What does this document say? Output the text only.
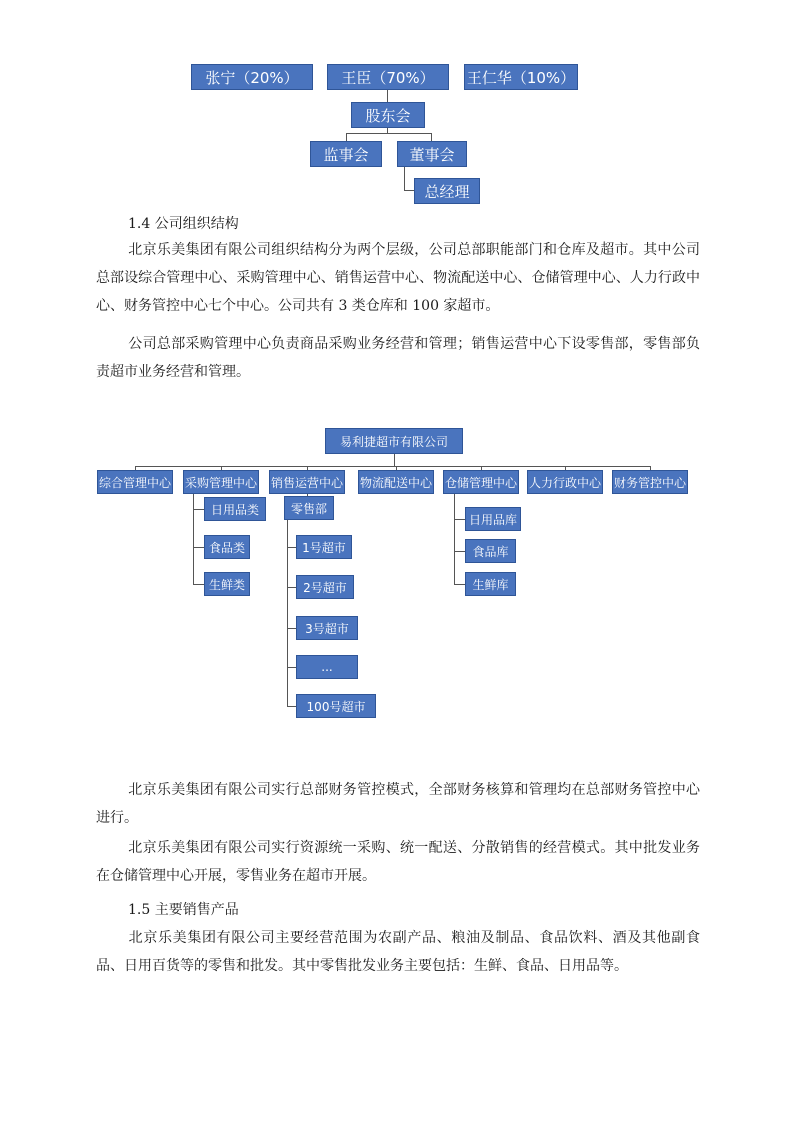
张宁（20%）	王臣（70%）	王仁华（10%）
股东会
监事会	董事会
总经理

1.4 公司组织结构

北京乐美集团有限公司组织结构分为两个层级，公司总部职能部门和仓库及超市。其中公司总部设综合管理中心、采购管理中心、销售运营中心、物流配送中心、仓储管理中心、人力行政中心、财务管控中心七个中心。公司共有 3 类仓库和 100 家超市。

公司总部采购管理中心负责商品采购业务经营和管理；销售运营中心下设零售部，零售部负责超市业务经营和管理。

易利捷超市有限公司
综合管理中心 采购管理中心 销售运营中心 物流配送中心 仓储管理中心 人力行政中心 财务管控中心
日用品类
食品类
生鲜类
零售部
1号超市
2号超市
3号超市
...
100号超市
日用品库
食品库
生鲜库

北京乐美集团有限公司实行总部财务管控模式，全部财务核算和管理均在总部财务管控中心进行。

北京乐美集团有限公司实行资源统一采购、统一配送、分散销售的经营模式。其中批发业务在仓储管理中心开展，零售业务在超市开展。

1.5 主要销售产品

北京乐美集团有限公司主要经营范围为农副产品、粮油及制品、食品饮料、酒及其他副食品、日用百货等的零售和批发。其中零售批发业务主要包括：生鲜、食品、日用品等。
